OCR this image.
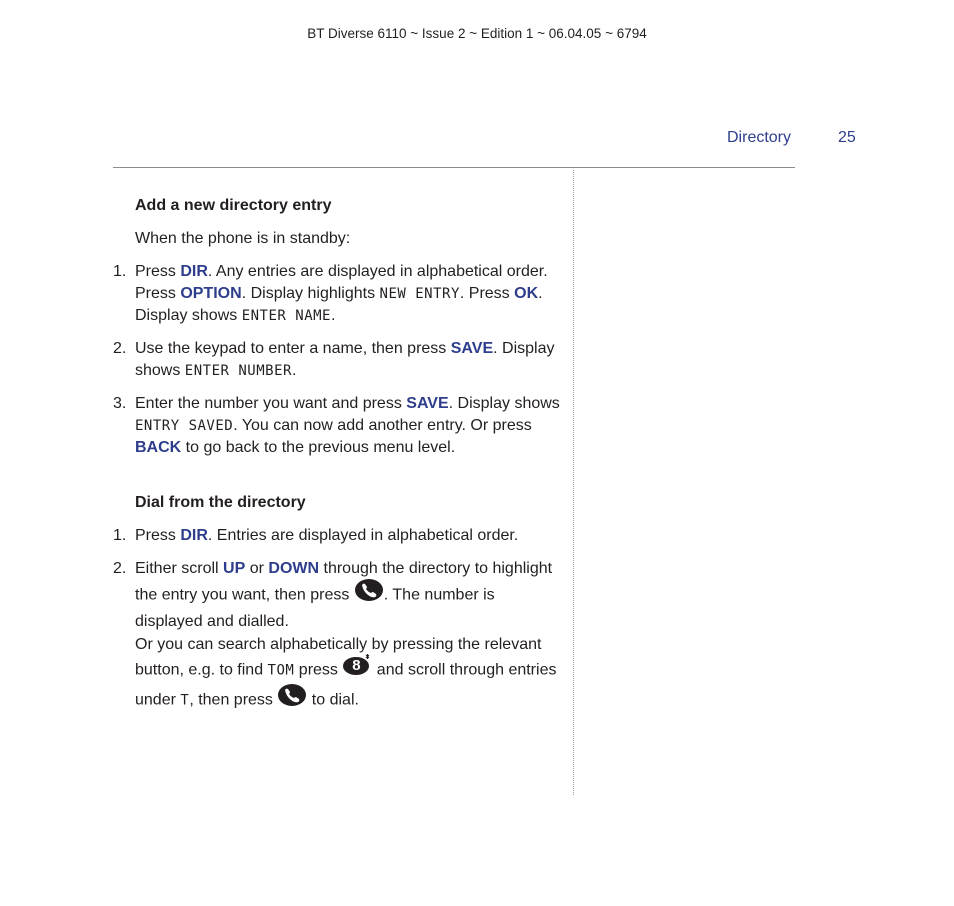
BT Diverse 6110 ~ Issue 2 ~ Edition 1 ~ 06.04.05 ~ 6794
Directory	25
Add a new directory entry
When the phone is in standby:
1. Press DIR. Any entries are displayed in alphabetical order. Press OPTION. Display highlights NEW ENTRY. Press OK. Display shows ENTER NAME.
2. Use the keypad to enter a name, then press SAVE. Display shows ENTER NUMBER.
3. Enter the number you want and press SAVE. Display shows ENTRY SAVED. You can now add another entry. Or press BACK to go back to the previous menu level.
Dial from the directory
1. Press DIR. Entries are displayed in alphabetical order.
2. Either scroll UP or DOWN through the directory to highlight the entry you want, then press . The number is displayed and dialled.
Or you can search alphabetically by pressing the relevant button, e.g. to find TOM press 8 and scroll through entries under T, then press  to dial.
